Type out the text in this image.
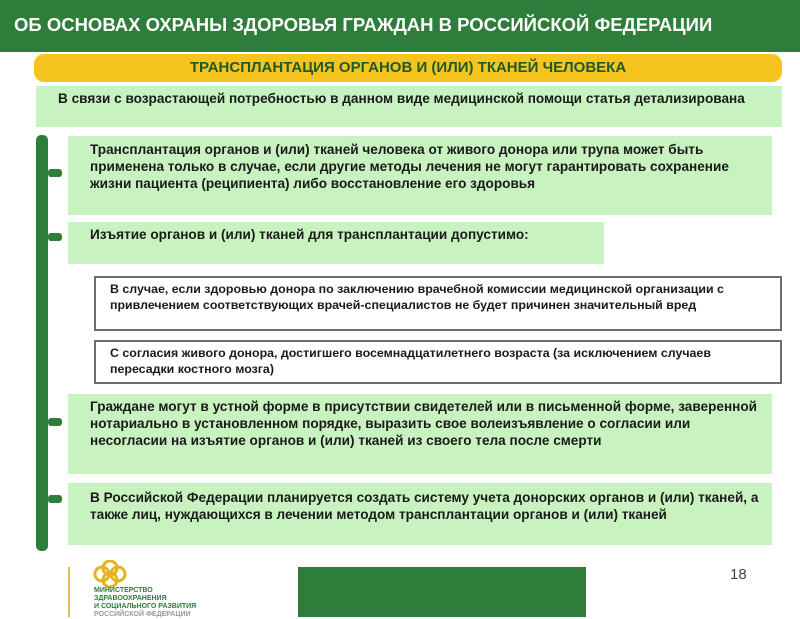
ОБ ОСНОВАХ ОХРАНЫ ЗДОРОВЬЯ ГРАЖДАН В РОССИЙСКОЙ ФЕДЕРАЦИИ
ТРАНСПЛАНТАЦИЯ ОРГАНОВ И (ИЛИ) ТКАНЕЙ ЧЕЛОВЕКА
В связи с возрастающей потребностью в данном виде медицинской помощи статья детализирована
Трансплантация органов и (или) тканей человека от живого донора или трупа может быть применена только в случае, если другие методы лечения не могут гарантировать сохранение жизни пациента (реципиента) либо восстановление его здоровья
Изъятие органов и (или) тканей для трансплантации допустимо:
В случае, если здоровью донора по заключению врачебной комиссии медицинской организации с привлечением соответствующих врачей-специалистов не будет причинен значительный вред
С согласия живого донора, достигшего восемнадцатилетнего возраста (за исключением случаев пересадки костного мозга)
Граждане могут в устной форме в присутствии свидетелей или в письменной форме, заверенной нотариально в установленном порядке, выразить свое волеизъявление о согласии или несогласии на изъятие органов и (или) тканей из своего тела после смерти
В Российской Федерации планируется создать систему учета донорских органов и (или) тканей, а также лиц, нуждающихся в лечении методом трансплантации органов и (или) тканей
18
МИНИСТЕРСТВО
ЗДРАВООХРАНЕНИЯ
И СОЦИАЛЬНОГО РАЗВИТИЯ
РОССИЙСКОЙ ФЕДЕРАЦИИ
